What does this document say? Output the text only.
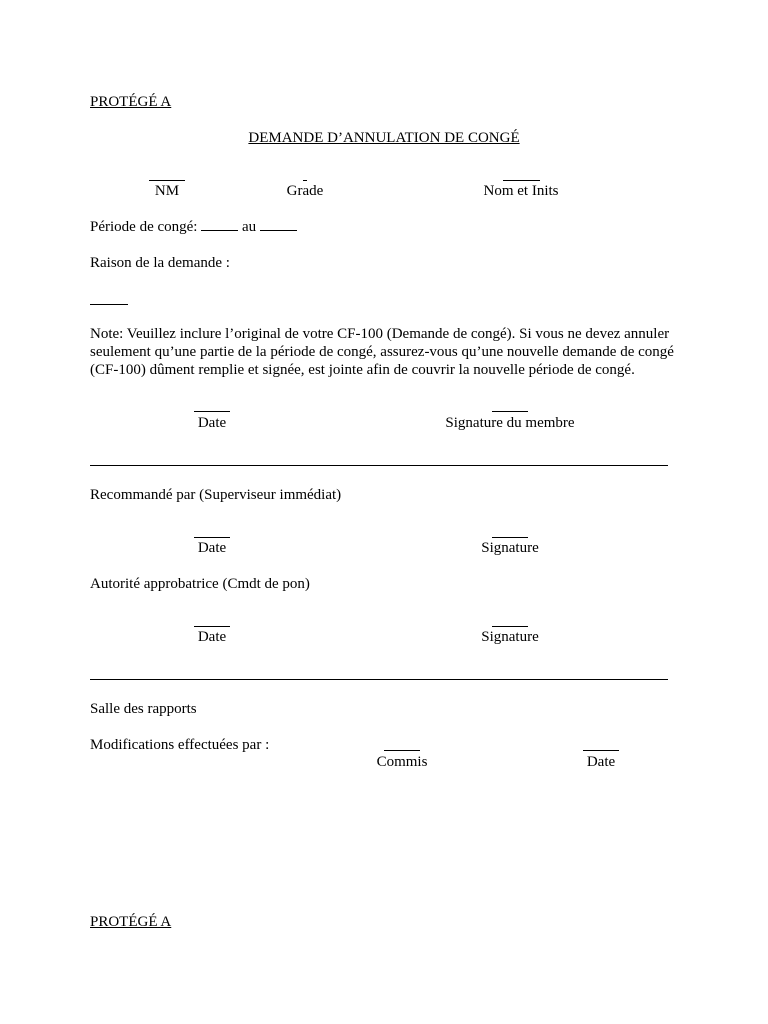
PROTÉGÉ A
DEMANDE D’ANNULATION DE CONGÉ
NM	Grade	Nom et Inits
Période de congé:	au
Raison de la demande :
Note: Veuillez inclure l’original de votre CF-100 (Demande de congé). Si vous ne devez annuler seulement qu’une partie de la période de congé, assurez-vous qu’une nouvelle demande de congé (CF-100) dûment remplie et signée, est jointe afin de couvrir la nouvelle période de congé.
Date	Signature du membre
Recommandé par (Superviseur immédiat)
Date	Signature
Autorité approbatrice (Cmdt de pon)
Date	Signature
Salle des rapports
Modifications effectuées par :
Commis	Date
PROTÉGÉ A
